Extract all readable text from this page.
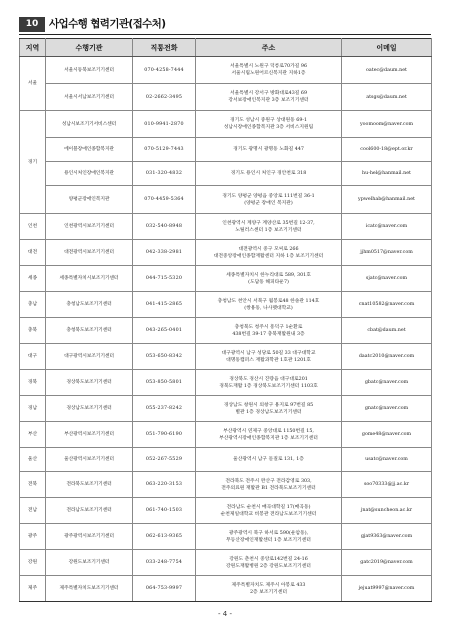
10	사업수행 협력기관(접수처)
지역	수행기관	직통전화	주소	이메일
서울	서울시동북보조기기센터	070-4258-7444	서울특별시 노원구 덕릉로70가길 96
서울시립노원어르신복지관 지하1층	oatec@daum.net
	서울시서남보조기기센터	02-2662-3495	서울특별시 강서구 방화대로43길 69
강서보장애인복지관 3층 보조기기센터	atsgs@daum.net
경기	성남시보조기기서비스센터	010-9941-2870	경기도 성남시 중원구 상대원동 69-1
성남시장애인종합복지관 3층 서비스지원팀	yoomoom@naver.com
	에이블장애인종합복지관	070-5129-7443	경기도 광명시 광명동 노화길 447	cool600-18@ept.or.kr
	용인시처인장애인복지관	031-320-4832	경기도 용인시 처인구 경안천로 318	hu-hel@hanmail.net
	양평군장애인복지관	070-4459-5364	경기도 양평군 양평읍 중앙로 111번길 36-1
(양평군 장애인 복지관)	ypwelhab@hanmail.net
인천	인천광역시보조기기센터	032-540-8948	인천광역시 계양구 계양산로 35번길 12-37,
노틸러스센터 1층 보조기기센터	icatc@naver.com
대전	대전광역시보조기기센터	042-338-2981	대전광역시 중구 모씨로 266
대전중앙장애인종합재활센터 지하 1층 보조기기센터	jjhm0517@naver.com
세종	세종특별자치시보조기기센터	044-715-5320	세종특별자치시 한누리대로 589, 301호
(도담동 해피타운7)	sjatc@naver.com
충남	충청남도보조기기센터	041-415-2865	충청남도 천안시 서북구 월봉로48 한솔관 114호
(쌍용동, 나사렛대학교)	cnat10582@naver.com
충북	충청북도보조기기센터	043-265-0401	충청북도 청주시 흥덕구 1순환로
438번길 39-17 충북재활원내 3층	cbat@daum.net
대구	대구광역시보조기기센터	053-650-8342	대구광역시 남구 성당로 50길 33 대구대학교
대명동캠퍼스 재활과학관 1호관 1201호	daatc2010@naver.com
경북	경상북도보조기기센터	053-850-5801	경상북도 경산시 진량읍 대구대로201
경북도재활 1층 경상북도보조기기센터 1103호	gbatc@naver.com
경남	경상남도보조기기센터	055-237-8242	경상남도 창원시 의창구 용지로 97번길 85
별관 1층 경상남도보조기기센터	gnatc@naver.com
부산	부산광역시보조기기센터	051-790-6190	부산광역시 연제구 중앙대로 1150번길 15,
부산광역시장애인종합복지관 1층 보조기기센터	gome48@naver.com
울산	울산광역시보조기기센터	052-267-5529	울산광역시 남구 돋질로 131, 1층	usatc@naver.com
전북	전라북도보조기기센터	063-220-3153	전라북도 전주시 완산구 전라감영로 303,
전주의료원 재활관 B1 전라북도보조기기센터	soo70333@jj.ac.kr
전남	전라남도보조기기센터	061-740-1503	전라남도 순천시 매곡대학길 17(매곡동)
순천제일대학교 비봉관 전라남도보조기기센터	jnat@suncheon.ac.kr
광주	광주광역시보조기기센터	062-613-9365	광주광역시 북구 하서로 590(운암동),
무등산장애인재활센터 1층 보조기기센터	gjat9363@naver.com
강원	강원도보조기기센터	033-248-7754	강원도 춘천시 중앙로142번길 24-16
강원도재활병원 2층 강원도보조기기센터	gatc2019@naver.com
제주	제주특별자치도보조기기센터	064-753-9997	제주특별자치도 제주시 아봉로 433
2층 보조기기센터	jejuat9997@naver.com
- 4 -
